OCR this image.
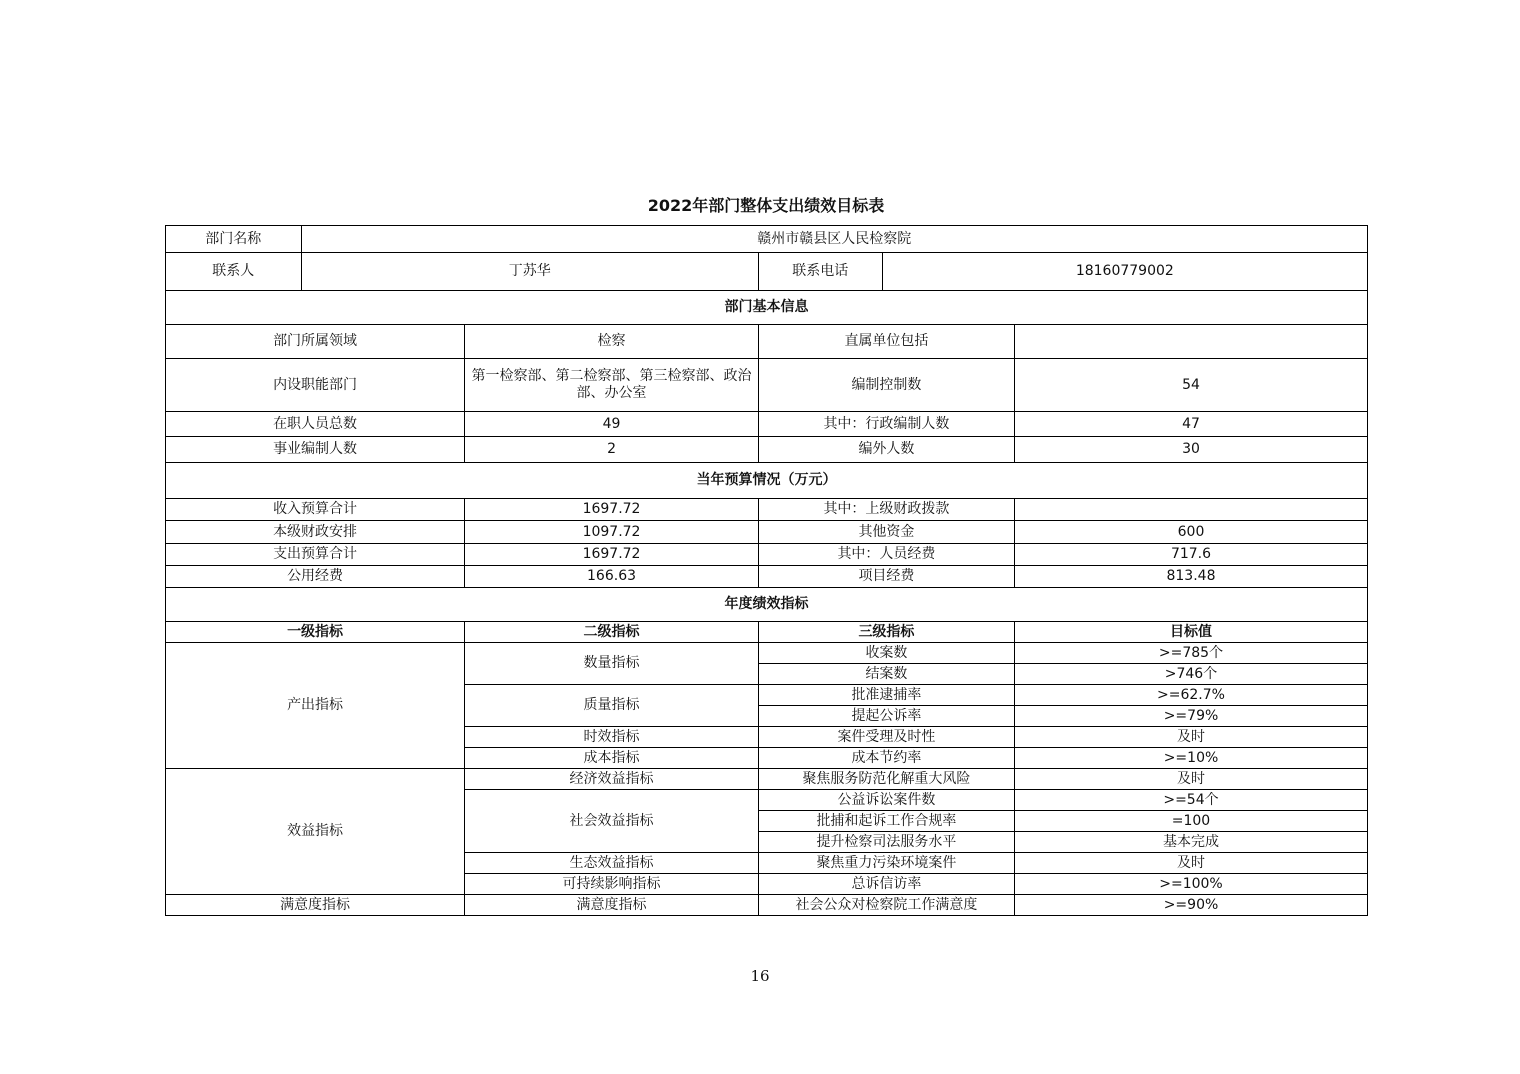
2022年部门整体支出绩效目标表
部门名称	赣州市赣县区人民检察院				
联系人	丁苏华		联系电话	18160779002	
部门基本信息					
部门所属领域		检察	直属单位包括		
内设职能部门		第一检察部、第二检察部、第三检察部、政治部、办公室	编制控制数		54
在职人员总数		49	其中：行政编制人数		47
事业编制人数		2	编外人数		30
当年预算情况（万元）					
收入预算合计		1697.72	其中：上级财政拨款		
本级财政安排		1097.72	其他资金		600
支出预算合计		1697.72	其中：人员经费		717.6
公用经费		166.63	项目经费		813.48
年度绩效指标					
一级指标		二级指标	三级指标		目标值
产出指标		数量指标	收案数		>=785个
			结案数		>746个
		质量指标	批准逮捕率		>=62.7%
			提起公诉率		>=79%
		时效指标	案件受理及时性		及时
		成本指标	成本节约率		>=10%
效益指标		经济效益指标	聚焦服务防范化解重大风险		及时
		社会效益指标	公益诉讼案件数		>=54个
			批捕和起诉工作合规率		=100
			提升检察司法服务水平		基本完成
		生态效益指标	聚焦重力污染环境案件		及时
		可持续影响指标	总诉信访率		>=100%
满意度指标		满意度指标	社会公众对检察院工作满意度		>=90%
16
